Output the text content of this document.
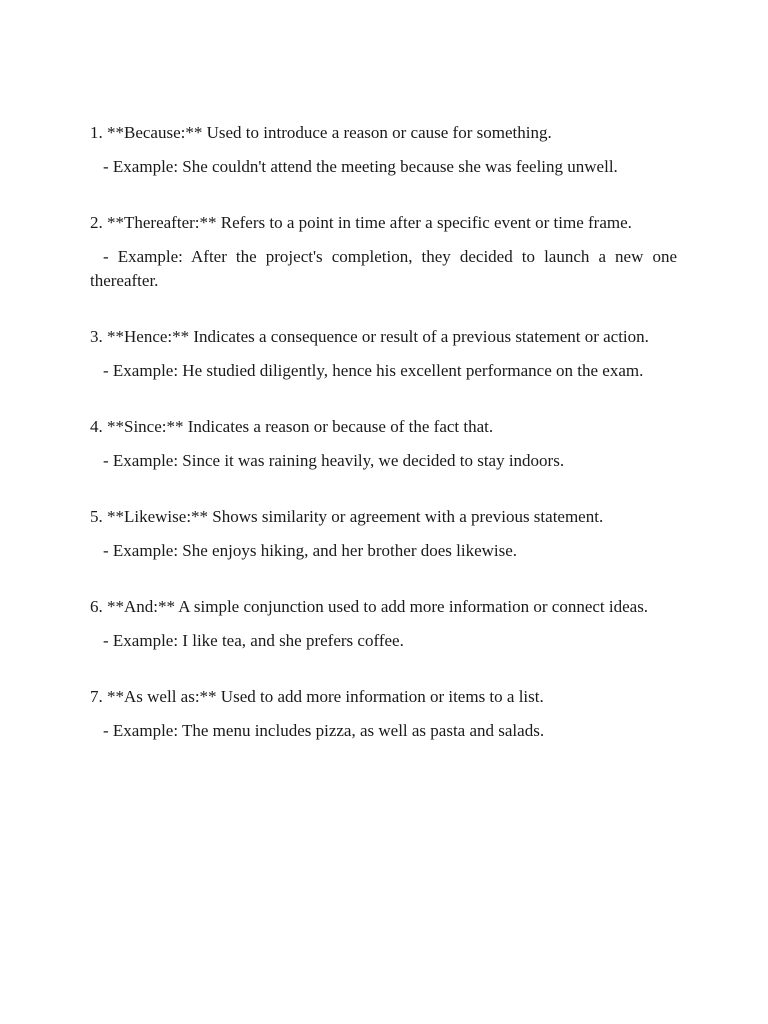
1. **Because:** Used to introduce a reason or cause for something.

- Example: She couldn't attend the meeting because she was feeling unwell.

2. **Thereafter:** Refers to a point in time after a specific event or time frame.

- Example: After the project's completion, they decided to launch a new one thereafter.

3. **Hence:** Indicates a consequence or result of a previous statement or action.

- Example: He studied diligently, hence his excellent performance on the exam.

4. **Since:** Indicates a reason or because of the fact that.

- Example: Since it was raining heavily, we decided to stay indoors.

5. **Likewise:** Shows similarity or agreement with a previous statement.

- Example: She enjoys hiking, and her brother does likewise.

6. **And:** A simple conjunction used to add more information or connect ideas.

- Example: I like tea, and she prefers coffee.

7. **As well as:** Used to add more information or items to a list.

- Example: The menu includes pizza, as well as pasta and salads.
